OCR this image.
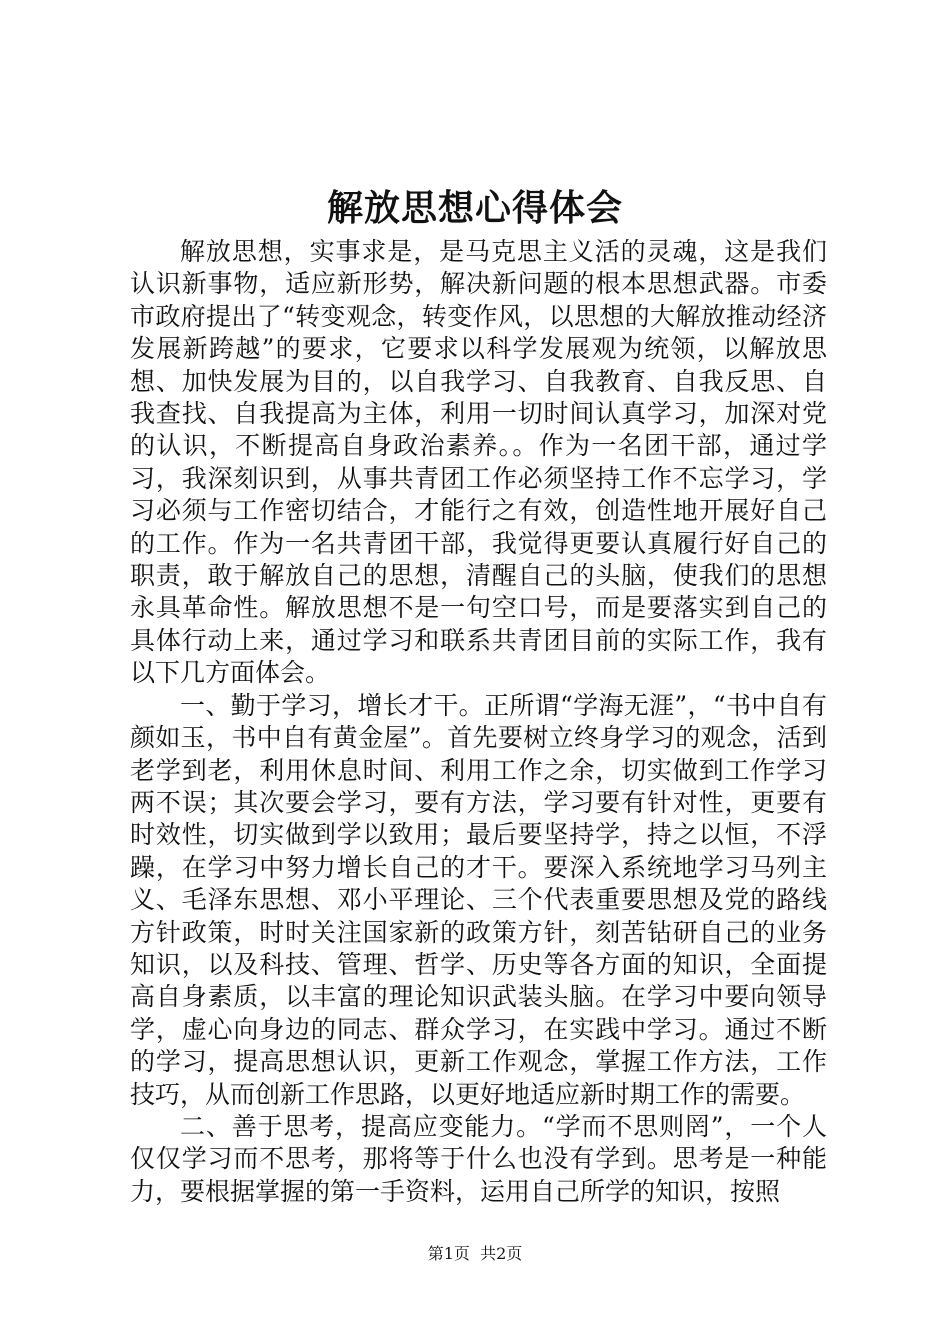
解放思想心得体会

解放思想，实事求是，是马克思主义活的灵魂，这是我们认识新事物，适应新形势，解决新问题的根本思想武器。市委市政府提出了“转变观念，转变作风，以思想的大解放推动经济发展新跨越”的要求，它要求以科学发展观为统领，以解放思想、加快发展为目的，以自我学习、自我教育、自我反思、自我查找、自我提高为主体，利用一切时间认真学习，加深对党的认识，不断提高自身政治素养。。作为一名团干部，通过学习，我深刻识到，从事共青团工作必须坚持工作不忘学习，学习必须与工作密切结合，才能行之有效，创造性地开展好自己的工作。作为一名共青团干部，我觉得更要认真履行好自己的职责，敢于解放自己的思想，清醒自己的头脑，使我们的思想永具革命性。解放思想不是一句空口号，而是要落实到自己的具体行动上来，通过学习和联系共青团目前的实际工作，我有以下几方面体会。

一、勤于学习，增长才干。正所谓“学海无涯”，“书中自有颜如玉，书中自有黄金屋”。首先要树立终身学习的观念，活到老学到老，利用休息时间、利用工作之余，切实做到工作学习两不误；其次要会学习，要有方法，学习要有针对性，更要有时效性，切实做到学以致用；最后要坚持学，持之以恒，不浮躁，在学习中努力增长自己的才干。要深入系统地学习马列主义、毛泽东思想、邓小平理论、三个代表重要思想及党的路线方针政策，时时关注国家新的政策方针，刻苦钻研自己的业务知识，以及科技、管理、哲学、历史等各方面的知识，全面提高自身素质，以丰富的理论知识武装头脑。在学习中要向领导学，虚心向身边的同志、群众学习，在实践中学习。通过不断的学习，提高思想认识，更新工作观念，掌握工作方法，工作技巧，从而创新工作思路，以更好地适应新时期工作的需要。

二、善于思考，提高应变能力。“学而不思则罔”，一个人仅仅学习而不思考，那将等于什么也没有学到。思考是一种能力，要根据掌握的第一手资料，运用自己所学的知识，按照

第1页  共2页
